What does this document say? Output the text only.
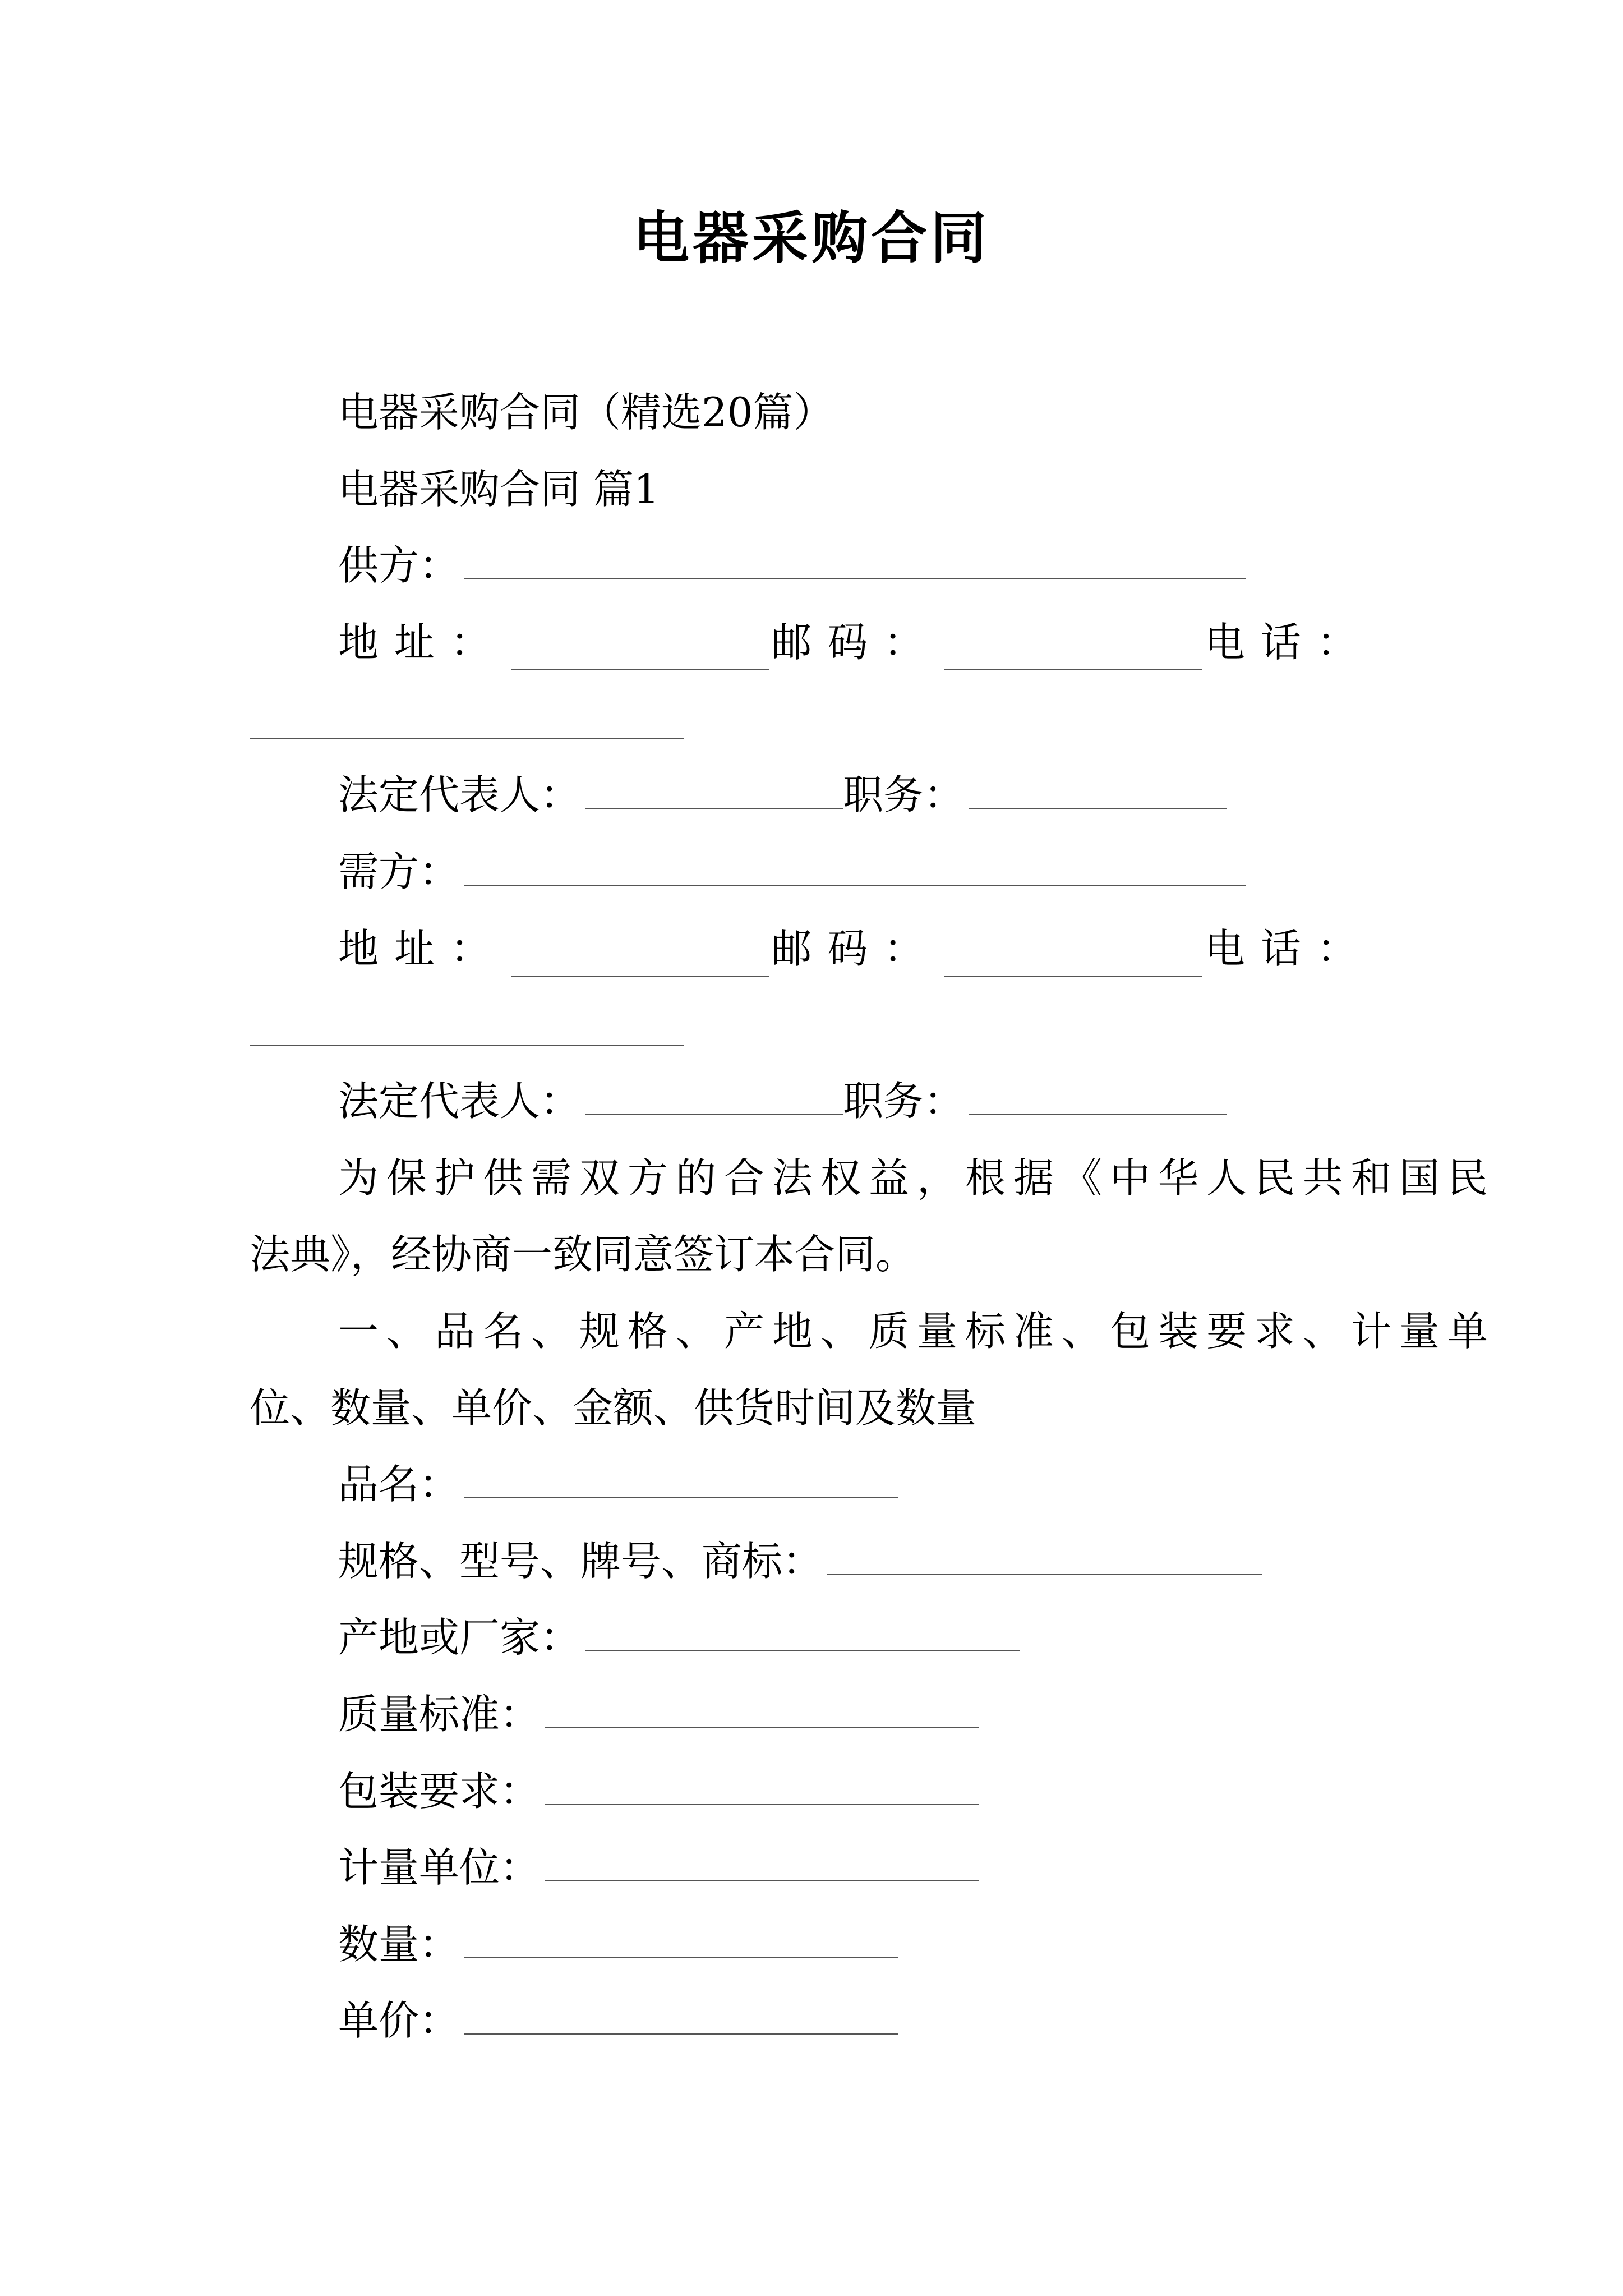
电器采购合同
电器采购合同（精选20篇）
电器采购合同 篇1
供方：
地址：	邮码：	电话：
法定代表人：	职务：
需方：
地址：	邮码：	电话：
法定代表人：	职务：
为保护供需双方的合法权益，根据《中华人民共和国民
法典》，经协商一致同意签订本合同。
一、品名、规格、产地、质量标准、包装要求、计量单
位、数量、单价、金额、供货时间及数量
品名：
规格、型号、牌号、商标：
产地或厂家：
质量标准：
包装要求：
计量单位：
数量：
单价：
